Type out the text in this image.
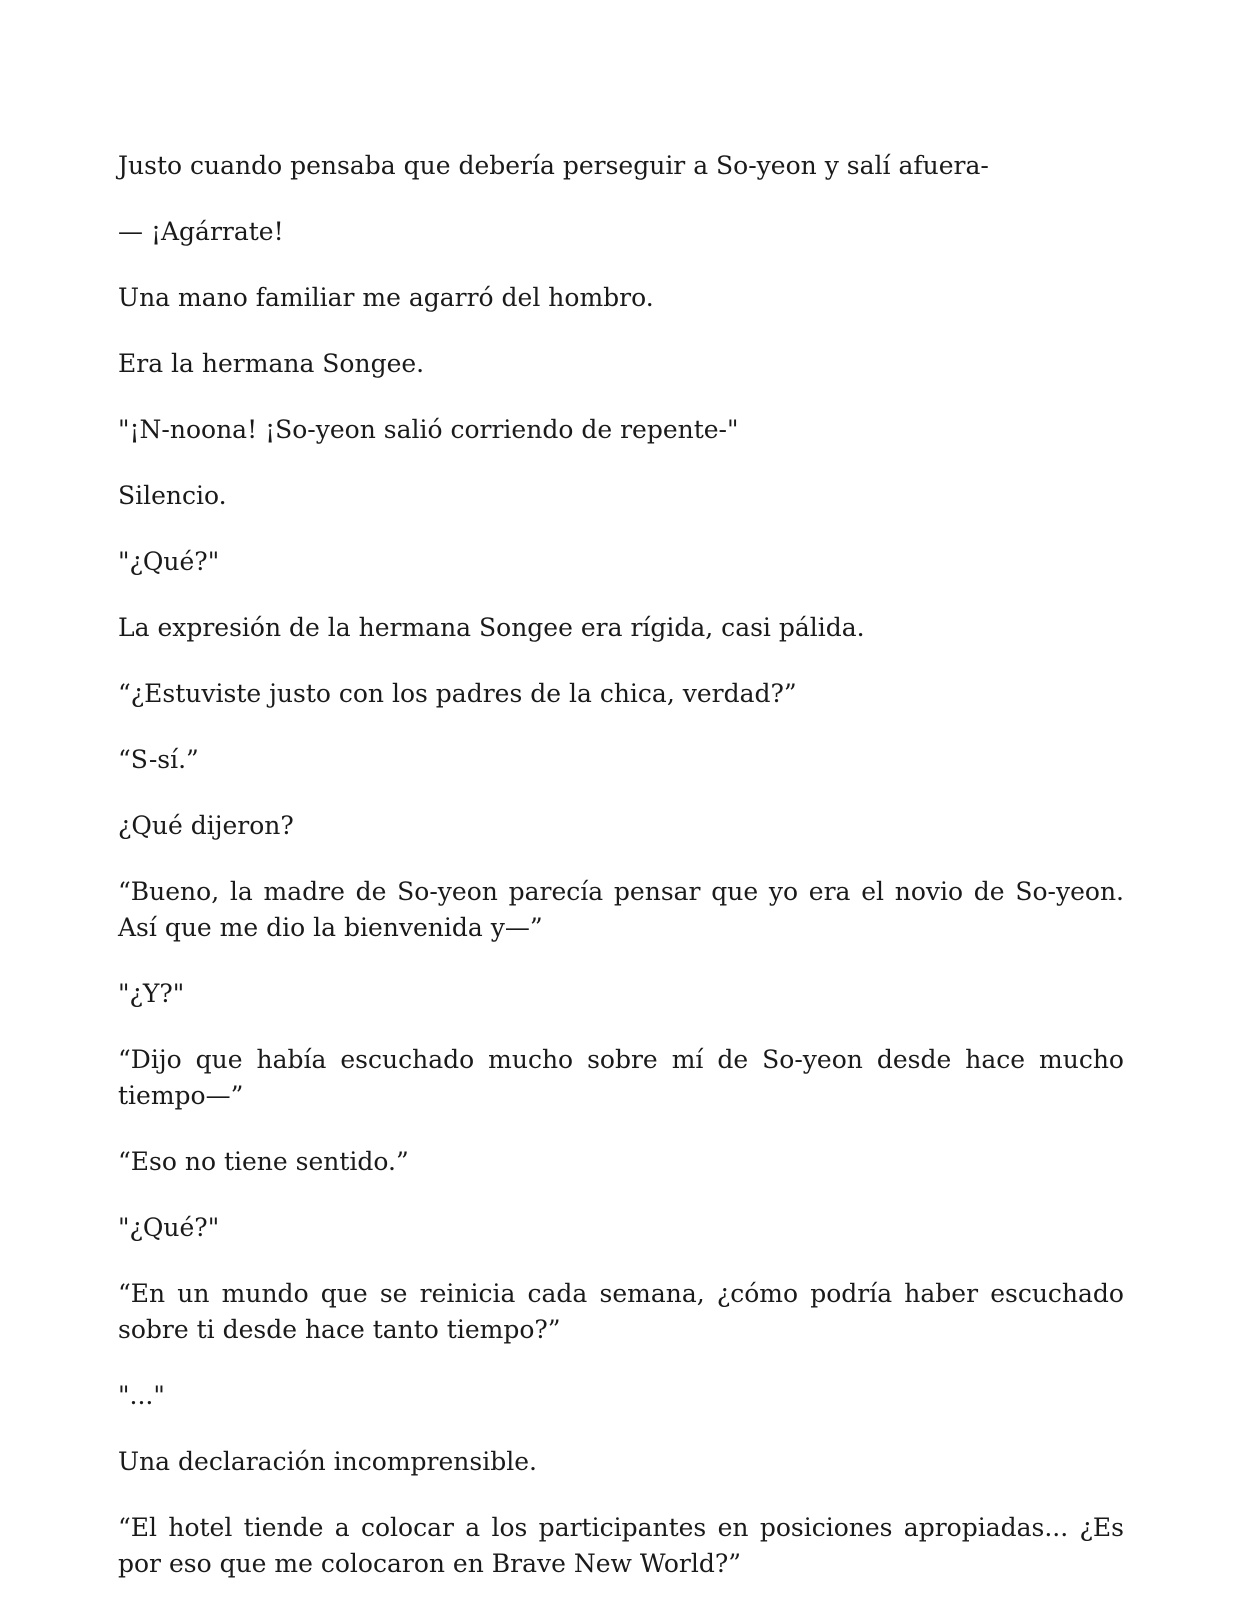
Justo cuando pensaba que debería perseguir a So-yeon y salí afuera-

— ¡Agárrate!

Una mano familiar me agarró del hombro.

Era la hermana Songee.

"¡N-noona! ¡So-yeon salió corriendo de repente-"

Silencio.

"¿Qué?"

La expresión de la hermana Songee era rígida, casi pálida.

“¿Estuviste justo con los padres de la chica, verdad?”

“S-sí.”

¿Qué dijeron?

“Bueno, la madre de So-yeon parecía pensar que yo era el novio de So-yeon. Así que me dio la bienvenida y—”

"¿Y?"

“Dijo que había escuchado mucho sobre mí de So-yeon desde hace mucho tiempo—”

“Eso no tiene sentido.”

"¿Qué?"

“En un mundo que se reinicia cada semana, ¿cómo podría haber escuchado sobre ti desde hace tanto tiempo?”

"..."

Una declaración incomprensible.

“El hotel tiende a colocar a los participantes en posiciones apropiadas... ¿Es por eso que me colocaron en Brave New World?”
